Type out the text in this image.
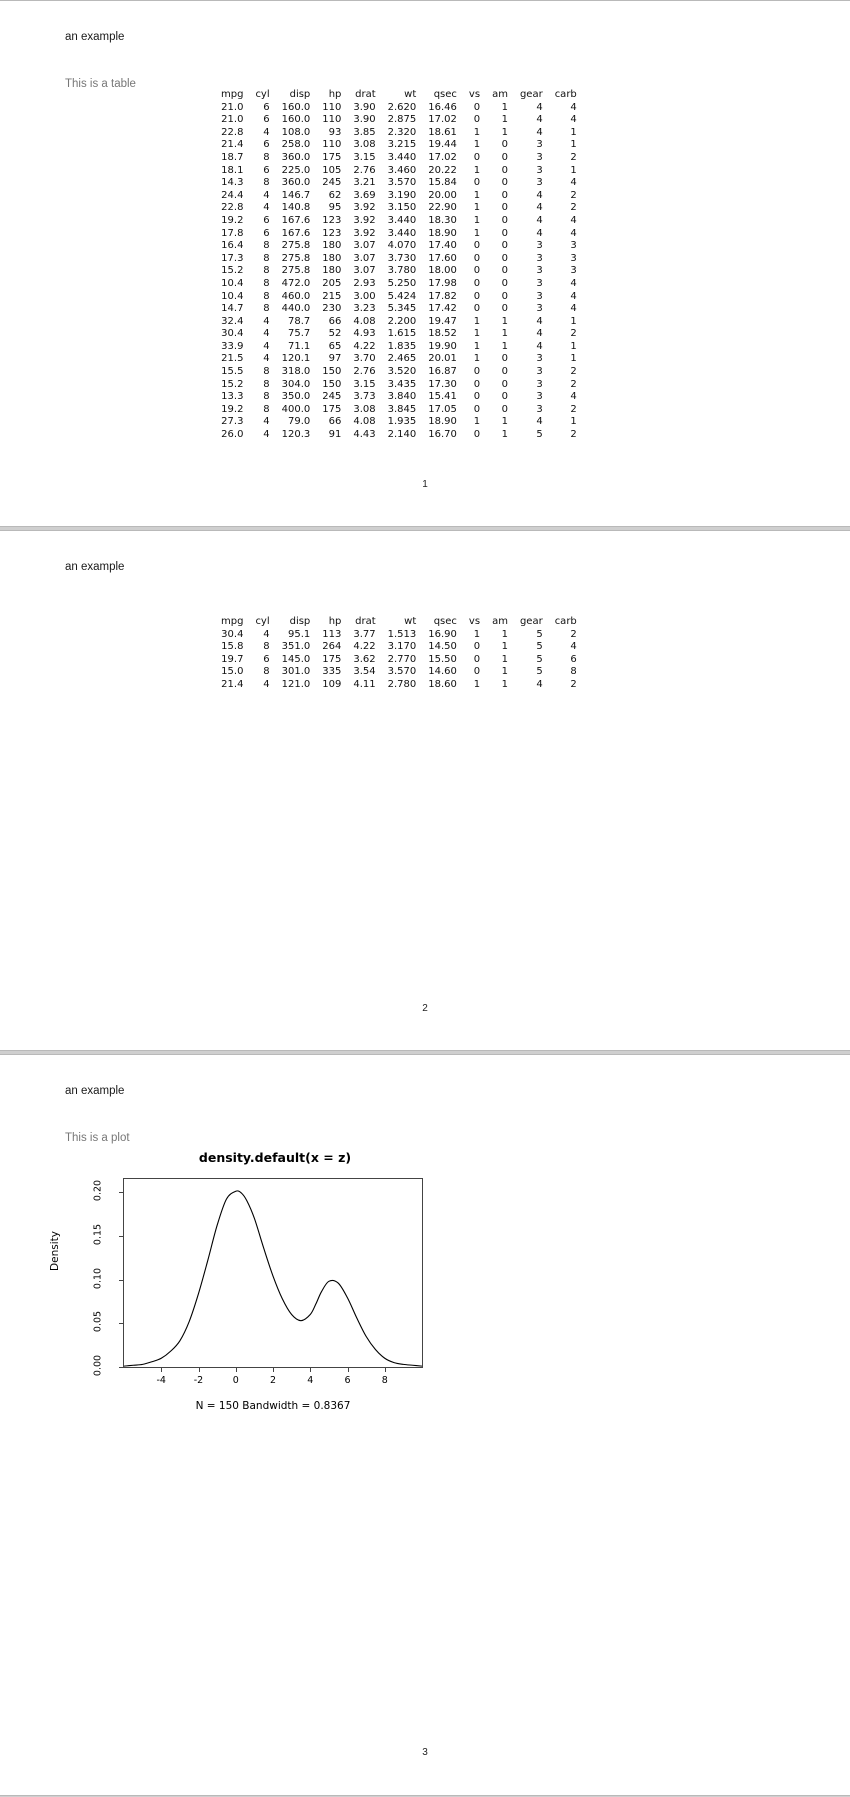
an example
This is a table
mpg	cyl	disp	hp	drat	wt	qsec	vs	am	gear	carb
21.0	6	160.0	110	3.90	2.620	16.46	0	1	4	4
21.0	6	160.0	110	3.90	2.875	17.02	0	1	4	4
22.8	4	108.0	93	3.85	2.320	18.61	1	1	4	1
21.4	6	258.0	110	3.08	3.215	19.44	1	0	3	1
18.7	8	360.0	175	3.15	3.440	17.02	0	0	3	2
18.1	6	225.0	105	2.76	3.460	20.22	1	0	3	1
14.3	8	360.0	245	3.21	3.570	15.84	0	0	3	4
24.4	4	146.7	62	3.69	3.190	20.00	1	0	4	2
22.8	4	140.8	95	3.92	3.150	22.90	1	0	4	2
19.2	6	167.6	123	3.92	3.440	18.30	1	0	4	4
17.8	6	167.6	123	3.92	3.440	18.90	1	0	4	4
16.4	8	275.8	180	3.07	4.070	17.40	0	0	3	3
17.3	8	275.8	180	3.07	3.730	17.60	0	0	3	3
15.2	8	275.8	180	3.07	3.780	18.00	0	0	3	3
10.4	8	472.0	205	2.93	5.250	17.98	0	0	3	4
10.4	8	460.0	215	3.00	5.424	17.82	0	0	3	4
14.7	8	440.0	230	3.23	5.345	17.42	0	0	3	4
32.4	4	78.7	66	4.08	2.200	19.47	1	1	4	1
30.4	4	75.7	52	4.93	1.615	18.52	1	1	4	2
33.9	4	71.1	65	4.22	1.835	19.90	1	1	4	1
21.5	4	120.1	97	3.70	2.465	20.01	1	0	3	1
15.5	8	318.0	150	2.76	3.520	16.87	0	0	3	2
15.2	8	304.0	150	3.15	3.435	17.30	0	0	3	2
13.3	8	350.0	245	3.73	3.840	15.41	0	0	3	4
19.2	8	400.0	175	3.08	3.845	17.05	0	0	3	2
27.3	4	79.0	66	4.08	1.935	18.90	1	1	4	1
26.0	4	120.3	91	4.43	2.140	16.70	0	1	5	2
1
an example
mpg	cyl	disp	hp	drat	wt	qsec	vs	am	gear	carb
30.4	4	95.1	113	3.77	1.513	16.90	1	1	5	2
15.8	8	351.0	264	4.22	3.170	14.50	0	1	5	4
19.7	6	145.0	175	3.62	2.770	15.50	0	1	5	6
15.0	8	301.0	335	3.54	3.570	14.60	0	1	5	8
21.4	4	121.0	109	4.11	2.780	18.60	1	1	4	2
2
an example
This is a plot
density.default(x = z)
Density
0.00
0.05
0.10
0.15
0.20
-4	-2	0	2	4	6	8
N = 150 Bandwidth = 0.8367
3
